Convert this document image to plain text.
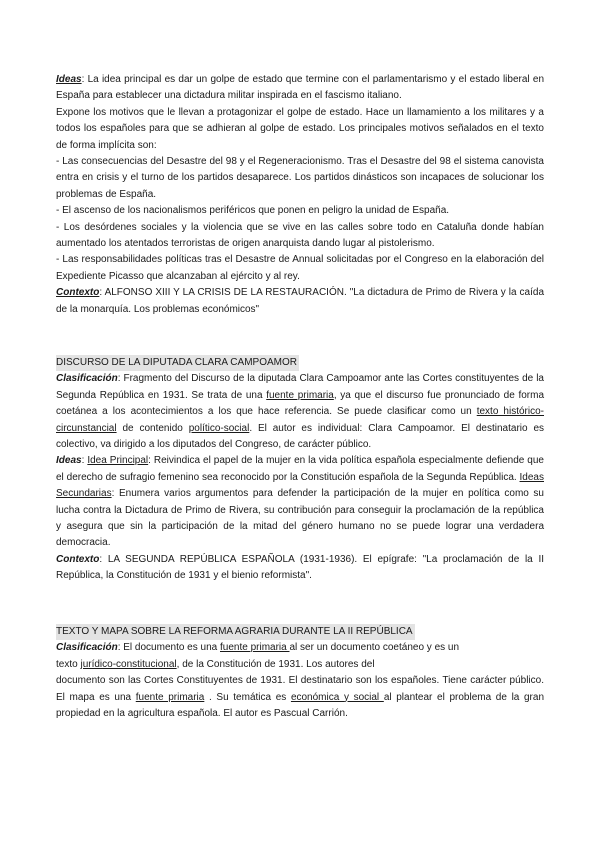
Ideas: La idea principal es dar un golpe de estado que termine con el parlamentarismo y el estado liberal en España para establecer una dictadura militar inspirada en el fascismo italiano.

Expone los motivos que le llevan a protagonizar el golpe de estado. Hace un llamamiento a los militares y a todos los españoles para que se adhieran al golpe de estado. Los principales motivos señalados en el texto de forma implícita son:

- Las consecuencias del Desastre del 98 y el Regeneracionismo. Tras el Desastre del 98 el sistema canovista entra en crisis y el turno de los partidos desaparece. Los partidos dinásticos son incapaces de solucionar los problemas de España.

- El ascenso de los nacionalismos periféricos que ponen en peligro la unidad de España.

- Los desórdenes sociales y la violencia que se vive en las calles sobre todo en Cataluña donde habían aumentado los atentados terroristas de origen anarquista dando lugar al pistolerismo.

- Las responsabilidades políticas tras el Desastre de Annual solicitadas por el Congreso en la elaboración del Expediente Picasso que alcanzaban al ejército y al rey.

Contexto: ALFONSO XIII Y LA CRISIS DE LA RESTAURACIÓN. "La dictadura de Primo de Rivera y la caída de la monarquía. Los problemas económicos"

DISCURSO DE LA DIPUTADA CLARA CAMPOAMOR

Clasificación: Fragmento del Discurso de la diputada Clara Campoamor ante las Cortes constituyentes de la Segunda República en 1931. Se trata de una fuente primaria, ya que el discurso fue pronunciado de forma coetánea a los acontecimientos a los que hace referencia. Se puede clasificar como un texto histórico-circunstancial de contenido político-social. El autor es individual: Clara Campoamor. El destinatario es colectivo, va dirigido a los diputados del Congreso, de carácter público.

Ideas: Idea Principal: Reivindica el papel de la mujer en la vida política española especialmente defiende que el derecho de sufragio femenino sea reconocido por la Constitución española de la Segunda República. Ideas Secundarias: Enumera varios argumentos para defender la participación de la mujer en política como su lucha contra la Dictadura de Primo de Rivera, su contribución para conseguir la proclamación de la república y asegura que sin la participación de la mitad del género humano no se puede lograr una verdadera democracia.

Contexto: LA SEGUNDA REPÚBLICA ESPAÑOLA (1931-1936). El epígrafe: "La proclamación de la II República, la Constitución de 1931 y el bienio reformista".

TEXTO Y MAPA SOBRE LA REFORMA AGRARIA DURANTE LA II REPÚBLICA

Clasificación: El documento es una fuente primaria al ser un documento coetáneo y es un

texto jurídico-constitucional, de la Constitución de 1931. Los autores del

documento son las Cortes Constituyentes de 1931. El destinatario son los españoles. Tiene carácter público. El mapa es una fuente primaria . Su temática es económica y social al plantear el problema de la gran propiedad en la agricultura española. El autor es Pascual Carrión.
